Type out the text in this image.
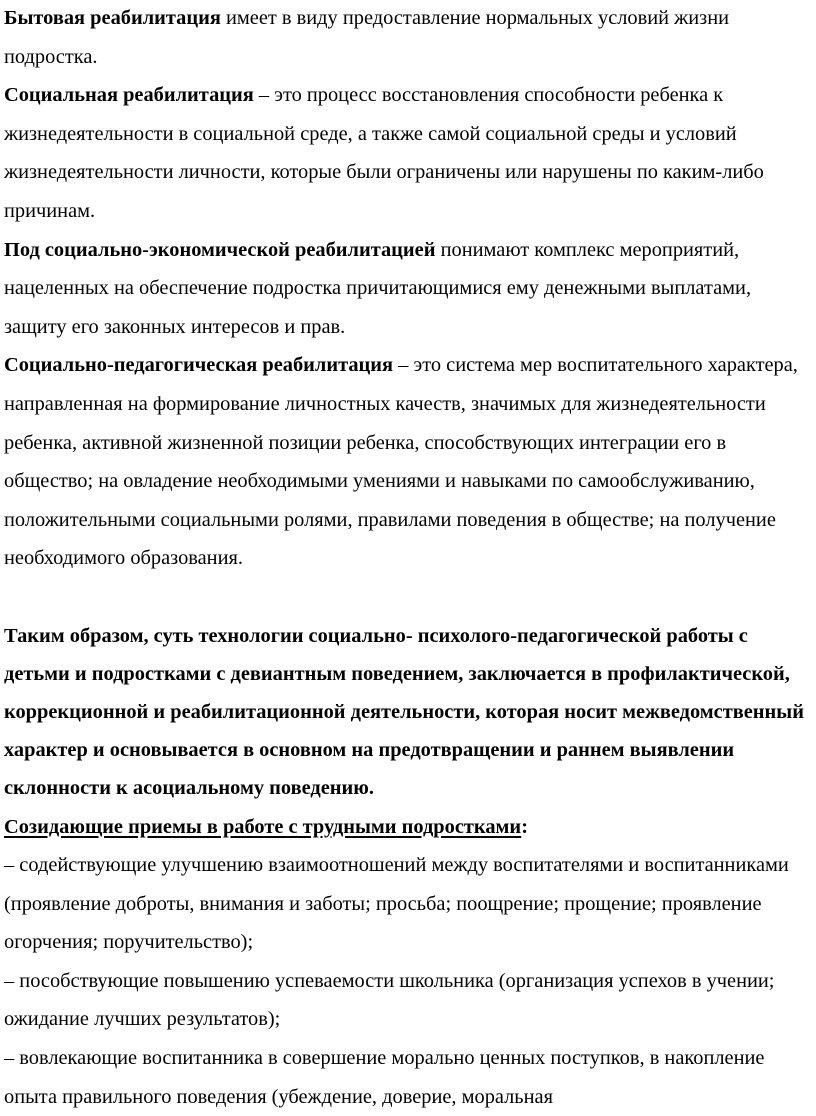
Бытовая реабилитация имеет в виду предоставление нормальных условий жизни подростка.

Социальная реабилитация – это процесс восстановления способности ребенка к жизнедеятельности в социальной среде, а также самой социальной среды и условий жизнедеятельности личности, которые были ограничены или нарушены по каким-либо причинам.

Под социально-экономической реабилитацией понимают комплекс мероприятий, нацеленных на обеспечение подростка причитающимися ему денежными выплатами, защиту его законных интересов и прав.

Социально-педагогическая реабилитация – это система мер воспитательного характера, направленная на формирование личностных качеств, значимых для жизнедеятельности ребенка, активной жизненной позиции ребенка, способствующих интеграции его в общество; на овладение необходимыми умениями и навыками по самообслуживанию, положительными социальными ролями, правилами поведения в обществе; на получение необходимого образования.

Таким образом, суть технологии социально- психолого-педагогической работы с детьми и подростками с девиантным поведением, заключается в профилактической, коррекционной и реабилитационной деятельности, которая носит межведомственный характер и основывается в основном на предотвращении и раннем выявлении склонности к асоциальному поведению.

Созидающие приемы в работе с трудными подростками:

– содействующие улучшению взаимоотношений между воспитателями и воспитанниками (проявление доброты, внимания и заботы; просьба; поощрение; прощение; проявление огорчения; поручительство);

– пособствующие повышению успеваемости школьника (организация успехов в учении; ожидание лучших результатов);

– вовлекающие воспитанника в совершение морально ценных поступков, в накопление опыта правильного поведения (убеждение, доверие, моральная
